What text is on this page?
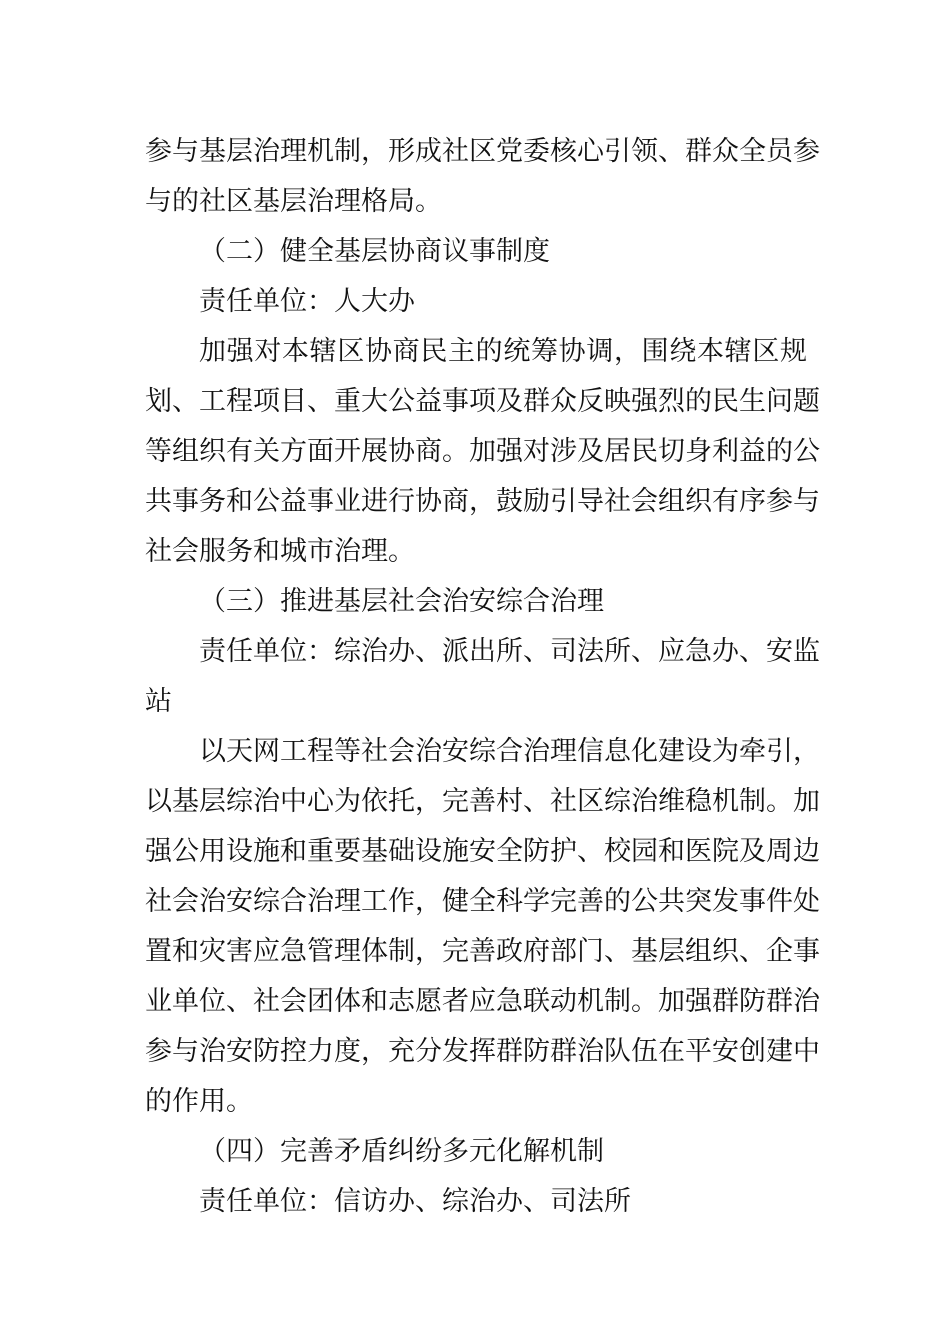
参与基层治理机制，形成社区党委核心引领、群众全员参
与的社区基层治理格局。
（二）健全基层协商议事制度
责任单位：人大办
加强对本辖区协商民主的统筹协调，围绕本辖区规
划、工程项目、重大公益事项及群众反映强烈的民生问题
等组织有关方面开展协商。加强对涉及居民切身利益的公
共事务和公益事业进行协商，鼓励引导社会组织有序参与
社会服务和城市治理。
（三）推进基层社会治安综合治理
责任单位：综治办、派出所、司法所、应急办、安监
站
以天网工程等社会治安综合治理信息化建设为牵引，
以基层综治中心为依托，完善村、社区综治维稳机制。加
强公用设施和重要基础设施安全防护、校园和医院及周边
社会治安综合治理工作，健全科学完善的公共突发事件处
置和灾害应急管理体制，完善政府部门、基层组织、企事
业单位、社会团体和志愿者应急联动机制。加强群防群治
参与治安防控力度，充分发挥群防群治队伍在平安创建中
的作用。
（四）完善矛盾纠纷多元化解机制
责任单位：信访办、综治办、司法所
